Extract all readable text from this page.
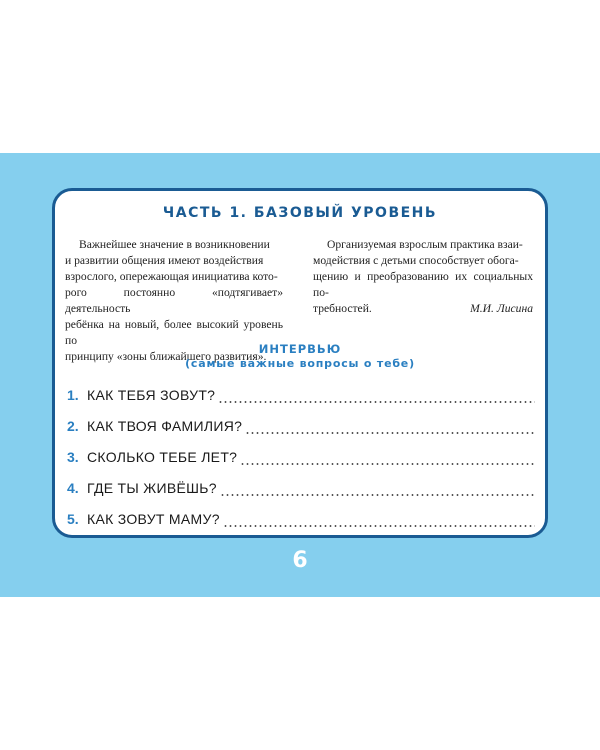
ЧАСТЬ 1. БАЗОВЫЙ УРОВЕНЬ
Важнейшее значение в возникновении
и развитии общения имеют воздействия
взрослого, опережающая инициатива кото-
рого постоянно «подтягивает» деятельность
ребёнка на новый, более высокий уровень по
принципу «зоны ближайшего развития».
Организуемая взрослым практика взаи-
модействия с детьми способствует обога-
щению и преобразованию их социальных по-
требностей.	М.И. Лисина
ИНТЕРВЬЮ
(самые важные вопросы о тебе)
1. КАК ТЕБЯ ЗОВУТ?
2. КАК ТВОЯ ФАМИЛИЯ?
3. СКОЛЬКО ТЕБЕ ЛЕТ?
4. ГДЕ ТЫ ЖИВЁШЬ?
5. КАК ЗОВУТ МАМУ?
6
